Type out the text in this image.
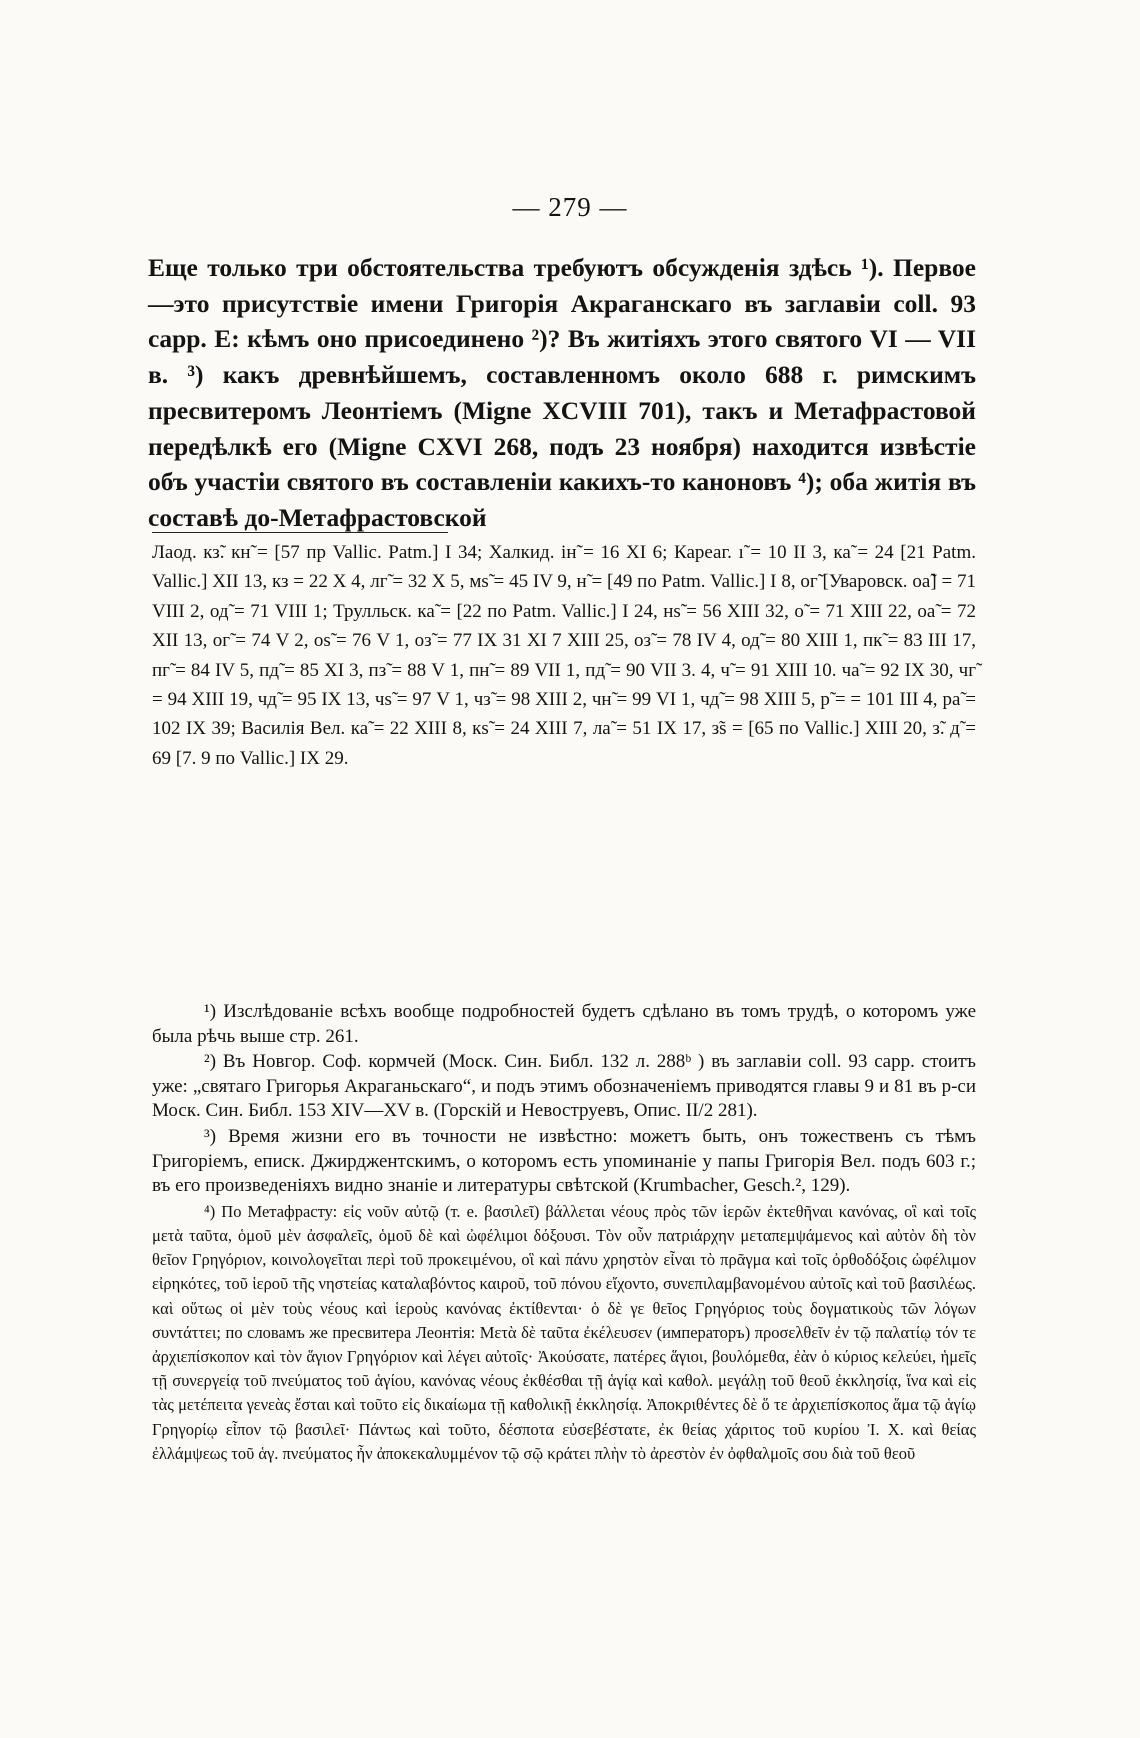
— 279 —

Еще только три обстоятельства требуютъ обсужденія здѣсь ¹). Первое—это присутствіе имени Григорія Акраганскаго въ заглавіи coll. 93 capp. Е: кѣмъ оно присоединено ²)? Въ житіяхъ этого святого VI — VII в. ³) какъ древнѣйшемъ, составленномъ около 688 г. римскимъ пресвитеромъ Леонтіемъ (Migne XCVIII 701), такъ и Метафрастовой передѣлкѣ его (Migne CXVI 268, подъ 23 ноября) находится извѣстіе объ участіи святого въ составленіи какихъ-то каноновъ ⁴); оба житія въ составѣ до-Метафрастовской

Лаод. кз̃. кн̃ = [57 пр Vallic. Patm.] I 34; Халкид. ін̃ = 16 XI 6; Кареаг. ı̃ = 10 II 3, ка̃ = 24 [21 Patm. Vallic.] XII 13, кз = 22 X 4, лг̃ = 32 X 5, мѕ̃ = 45 IV 9, н̃ = [49 по Patm. Vallic.] I 8, ог̃ [Уваровск. оа̃] = 71 VIII 2, од̃ = 71 VIII 1; Трулльск. ка̃ = [22 по Patm. Vallic.] I 24, нѕ̃ = 56 XIII 32, о̃ = 71 XIII 22, оа̃ = 72 XII 13, ог̃ = 74 V 2, оѕ̃ = 76 V 1, оз̃ = 77 IX 31 XI 7 XIII 25, оз̃ = 78 IV 4, од̃ = 80 XIII 1, пк̃ = 83 III 17, пг̃ = 84 IV 5, пд̃ = 85 XI 3, пз̃ = 88 V 1, пн̃ = 89 VII 1, пд̃ = 90 VII 3. 4, ч̃ = 91 XIII 10. ча̃ = 92 IX 30, чг̃ = 94 XIII 19, чд̃ = 95 IX 13, чѕ̃ = 97 V 1, чз̃ = 98 XIII 2, чн̃ = 99 VI 1, чд̃ = 98 XIII 5, р̃ = = 101 III 4, ра̃ = 102 IX 39; Василія Вел. ка̃ = 22 XIII 8, кѕ̃ = 24 XIII 7, ла̃ = 51 IX 17, з̃ѕ = [65 по Vallic.] XIII 20, з̃. д̃ = 69 [7. 9 по Vallic.] IX 29.

¹) Изслѣдованіе всѣхъ вообще подробностей будетъ сдѣлано въ томъ трудѣ, о которомъ уже была рѣчь выше стр. 261.

²) Въ Новгор. Соф. кормчей (Моск. Син. Библ. 132 л. 288ᵇ ) въ заглавіи coll. 93 capp. стоитъ уже: „святаго Григорья Акраганьскаго“, и подъ этимъ обозначеніемъ приводятся главы 9 и 81 въ р-си Моск. Син. Библ. 153 XIV—XV в. (Горскій и Невоструевъ, Опис. II/2 281).

³) Время жизни его въ точности не извѣстно: можетъ быть, онъ тожественъ съ тѣмъ Григоріемъ, еписк. Джирджентскимъ, о которомъ есть упоминаніе у папы Григорія Вел. подъ 603 г.; въ его произведеніяхъ видно знаніе и литературы свѣтской (Krumbacher, Gesch.², 129).

⁴) По Метафрасту: εἰς νοῦν αὐτῷ (т. е. βασιλεῖ) βάλλεται νέους πρὸς τῶν ἱερῶν ἐκτεθῆναι κανόνας, οἳ καὶ τοῖς μετὰ ταῦτα, ὁμοῦ μὲν ἀσφαλεῖς, ὁμοῦ δὲ καὶ ὠφέλιμοι δόξουσι. Τὸν οὖν πατριάρχην μεταπεμψάμενος καὶ αὐτὸν δὴ τὸν θεῖον Γρηγόριον, κοινολογεῖται περὶ τοῦ προκειμένου, οἳ καὶ πάνυ χρηστὸν εἶναι τὸ πρᾶγμα καὶ τοῖς ὀρθοδόξοις ὠφέλιμον εἰρηκότες, τοῦ ἱεροῦ τῆς νηστείας καταλαβόντος καιροῦ, τοῦ πόνου εἴχοντο, συνεπιλαμβανομένου αὐτοῖς καὶ τοῦ βασιλέως. καὶ οὕτως οἱ μὲν τοὺς νέους καὶ ἱεροὺς κανόνας ἐκτίθενται· ὁ δὲ γε θεῖος Γρηγόριος τοὺς δογματικοὺς τῶν λόγων συντάττει; по словамъ же пресвитера Леонтія: Μετὰ δὲ ταῦτα ἐκέλευσεν (императоръ) προσελθεῖν ἐν τῷ παλατίῳ τόν τε ἀρχιεπίσκοπον καὶ τὸν ἅγιον Γρηγόριον καὶ λέγει αὐτοῖς· Ἀκούσατε, πατέρες ἅγιοι, βουλόμεθα, ἐὰν ὁ κύριος κελεύει, ἡμεῖς τῇ συνεργείᾳ τοῦ πνεύματος τοῦ ἁγίου, κανόνας νέους ἐκθέσθαι τῇ ἁγίᾳ καὶ καθολ. μεγάλῃ τοῦ θεοῦ ἐκκλησίᾳ, ἵνα καὶ εἰς τὰς μετέπειτα γενεὰς ἔσται καὶ τοῦτο εἰς δικαίωμα τῇ καθολικῇ ἐκκλησίᾳ. Ἀποκριθέντες δὲ ὅ τε ἀρχιεπίσκοπος ἅμα τῷ ἁγίῳ Γρηγορίῳ εἶπον τῷ βασιλεῖ· Πάντως καὶ τοῦτο, δέσποτα εὐσεβέστατε, ἐκ θείας χάριτος τοῦ κυρίου Ἰ. Χ. καὶ θείας ἐλλάμψεως τοῦ ἁγ. πνεύματος ἦν ἀποκεκαλυμμένον τῷ σῷ κράτει πλὴν τὸ ἀρεστὸν ἐν ὀφθαλμοῖς σου διὰ τοῦ θεοῦ
